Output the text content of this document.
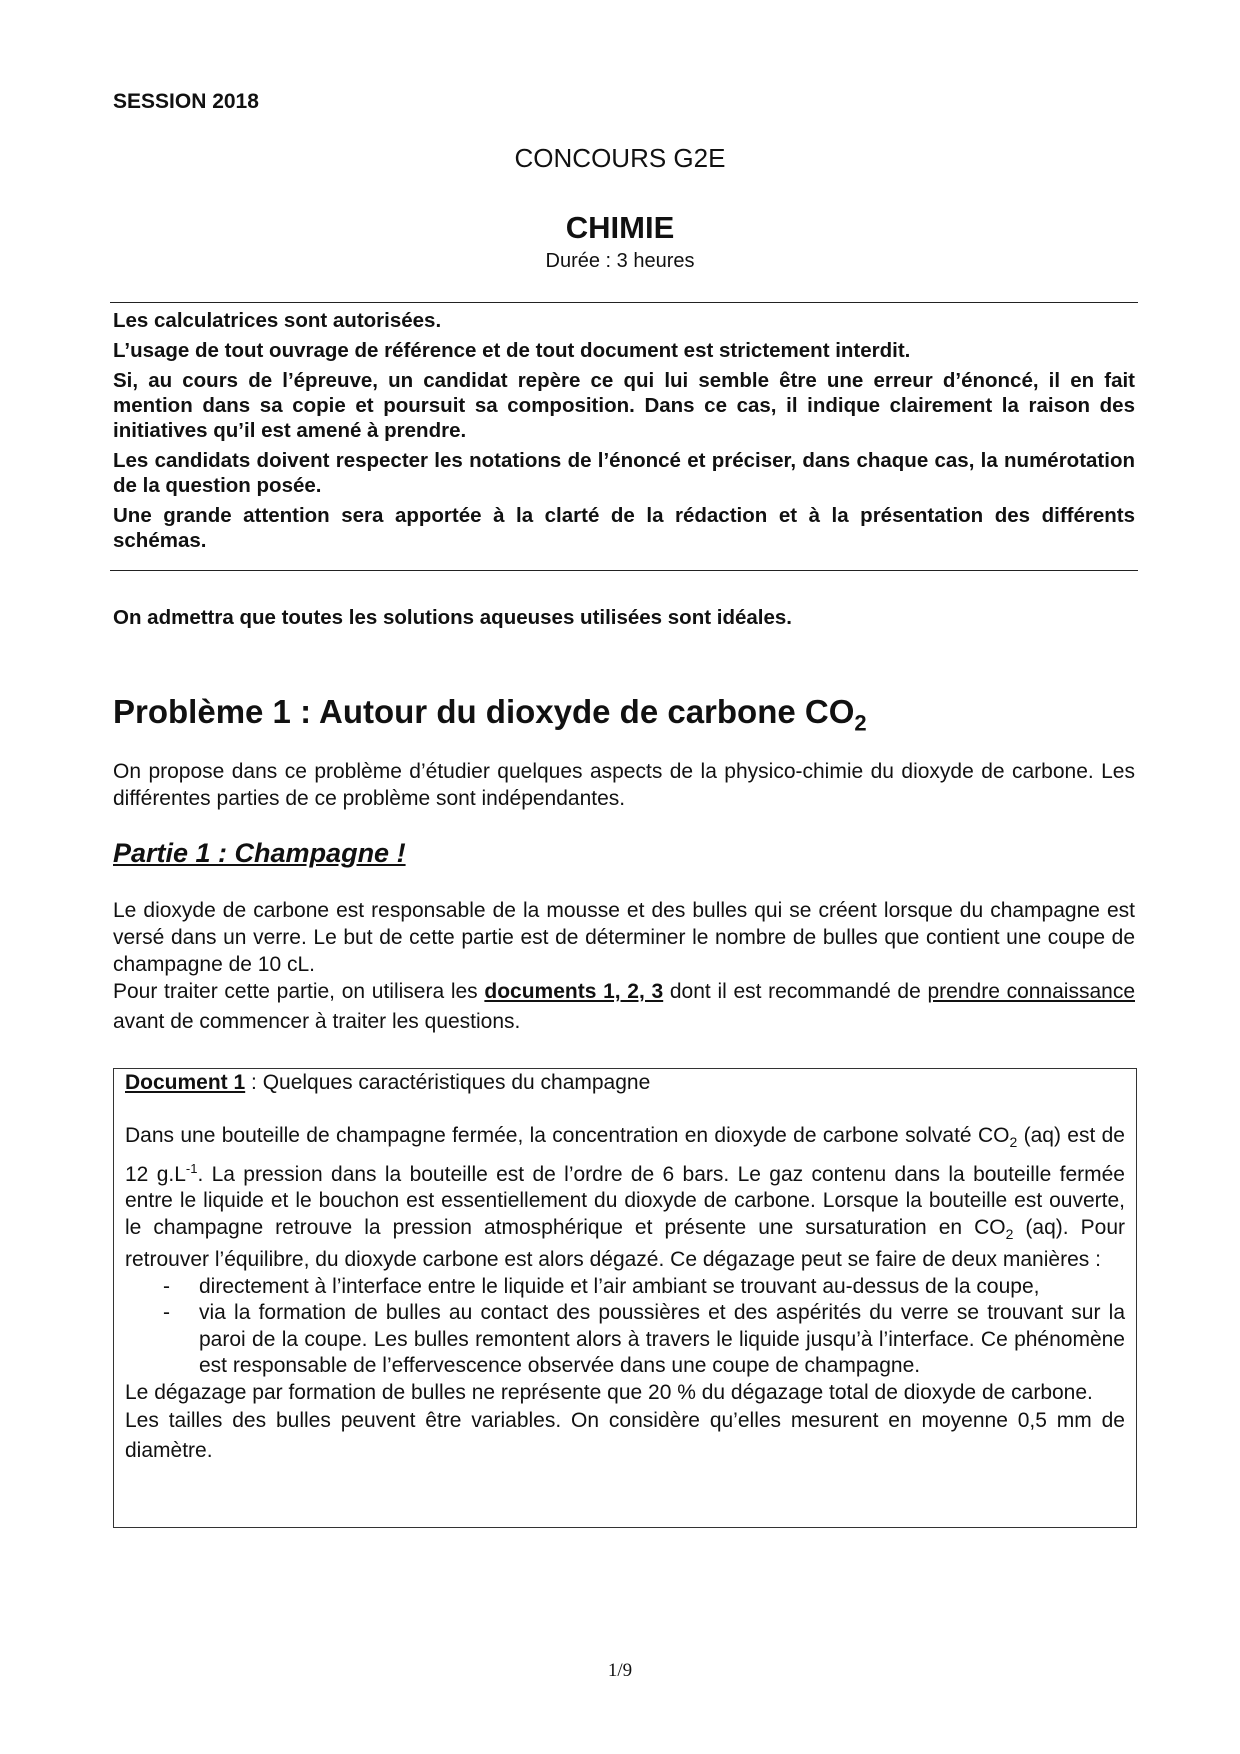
SESSION 2018
CONCOURS G2E
CHIMIE
Durée : 3 heures

Les calculatrices sont autorisées.

L’usage de tout ouvrage de référence et de tout document est strictement interdit.

Si, au cours de l’épreuve, un candidat repère ce qui lui semble être une erreur d’énoncé, il en fait mention dans sa copie et poursuit sa composition. Dans ce cas, il indique clairement la raison des initiatives qu’il est amené à prendre.

Les candidats doivent respecter les notations de l’énoncé et préciser, dans chaque cas, la numérotation de la question posée.

Une grande attention sera apportée à la clarté de la rédaction et à la présentation des différents schémas.

On admettra que toutes les solutions aqueuses utilisées sont idéales.
Problème 1 : Autour du dioxyde de carbone $CO_2$
On propose dans ce problème d’étudier quelques aspects de la physico-chimie du dioxyde de carbone. Les différentes parties de ce problème sont indépendantes.
Partie 1 : Champagne !

Le dioxyde de carbone est responsable de la mousse et des bulles qui se créent lorsque du champagne est versé dans un verre. Le but de cette partie est de déterminer le nombre de bulles que contient une coupe de champagne de 10 cL.

Pour traiter cette partie, on utilisera les documents 1, 2, 3 dont il est recommandé de prendre connaissance avant de commencer à traiter les questions.

Document 1 : Quelques caractéristiques du champagne

Dans une bouteille de champagne fermée, la concentration en dioxyde de carbone solvaté $CO_2$ (aq) est de 12 $g.L^{-1}$. La pression dans la bouteille est de l’ordre de 6 bars. Le gaz contenu dans la bouteille fermée entre le liquide et le bouchon est essentiellement du dioxyde de carbone. Lorsque la bouteille est ouverte, le champagne retrouve la pression atmosphérique et présente une sursaturation en $CO_2$ (aq). Pour retrouver l’équilibre, du dioxyde carbone est alors dégazé. Ce dégazage peut se faire de deux manières :

- directement à l’interface entre le liquide et l’air ambiant se trouvant au-dessus de la coupe,

- via la formation de bulles au contact des poussières et des aspérités du verre se trouvant sur la paroi de la coupe. Les bulles remontent alors à travers le liquide jusqu’à l’interface. Ce phénomène est responsable de l’effervescence observée dans une coupe de champagne.

Le dégazage par formation de bulles ne représente que 20 % du dégazage total de dioxyde de carbone.

Les tailles des bulles peuvent être variables. On considère qu’elles mesurent en moyenne 0,5 mm de diamètre.

1/9
